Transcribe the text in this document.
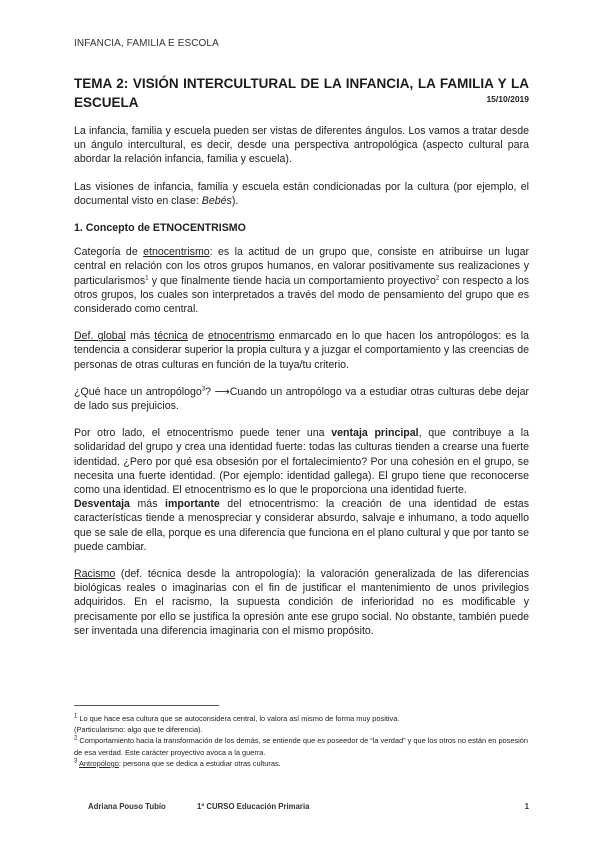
INFANCIA, FAMILIA E ESCOLA
TEMA 2: VISIÓN INTERCULTURAL DE LA INFANCIA, LA FAMILIA Y LA ESCUELA	15/10/2019

La infancia, familia y escuela pueden ser vistas de diferentes ángulos. Los vamos a tratar desde un ángulo intercultural, es decir, desde una perspectiva antropológica (aspecto cultural para abordar la relación infancia, familia y escuela).

Las visiones de infancia, familia y escuela están condicionadas por la cultura (por ejemplo, el documental visto en clase: Bebés).

1. Concepto de ETNOCENTRISMO

Categoría de etnocentrismo: es la actitud de un grupo que, consiste en atribuirse un lugar central en relación con los otros grupos humanos, en valorar positivamente sus realizaciones y particularismos$^1$ y que finalmente tiende hacia un comportamiento proyectivo$^2$ con respecto a los otros grupos, los cuales son interpretados a través del modo de pensamiento del grupo que es considerado como central.

Def. global más técnica de etnocentrismo enmarcado en lo que hacen los antropólogos: es la tendencia a considerar superior la propia cultura y a juzgar el comportamiento y las creencias de personas de otras culturas en función de la tuya/tu criterio.

¿Qué hace un antropólogo$^3$? ⟶Cuando un antropólogo va a estudiar otras culturas debe dejar de lado sus prejuicios.

Por otro lado, el etnocentrismo puede tener una ventaja principal, que contribuye a la solidaridad del grupo y crea una identidad fuerte: todas las culturas tienden a crearse una fuerte identidad. ¿Pero por qué esa obsesión por el fortalecimiento? Por una cohesión en el grupo, se necesita una fuerte identidad. (Por ejemplo: identidad gallega). El grupo tiene que reconocerse como una identidad. El etnocentrismo es lo que le proporciona una identidad fuerte.

Desventaja más importante del etnocentrismo: la creación de una identidad de estas características tiende a menospreciar y considerar absurdo, salvaje e inhumano, a todo aquello que se sale de ella, porque es una diferencia que funciona en el plano cultural y que por tanto se puede cambiar.

Racismo (def. técnica desde la antropología): la valoración generalizada de las diferencias biológicas reales o imaginarias con el fin de justificar el mantenimiento de unos privilegios adquiridos. En el racismo, la supuesta condición de inferioridad no es modificable y precisamente por ello se justifica la opresión ante ese grupo social. No obstante, también puede ser inventada una diferencia imaginaria con el mismo propósito.

$^1$ Lo que hace esa cultura que se autoconsidera central, lo valora así mismo de forma muy positiva.
(Particularismo: algo que te diferencia).
$^2$ Comportamiento hacia la transformación de los demás, se entiende que es poseedor de “la verdad” y que los otros no están en posesión de esa verdad. Este carácter proyectivo avoca a la guerra.
$^3$ Antropólogo: persona que se dedica a estudiar otras culturas.
Adriana Pouso Tubío	1º CURSO Educación Primaria	1
